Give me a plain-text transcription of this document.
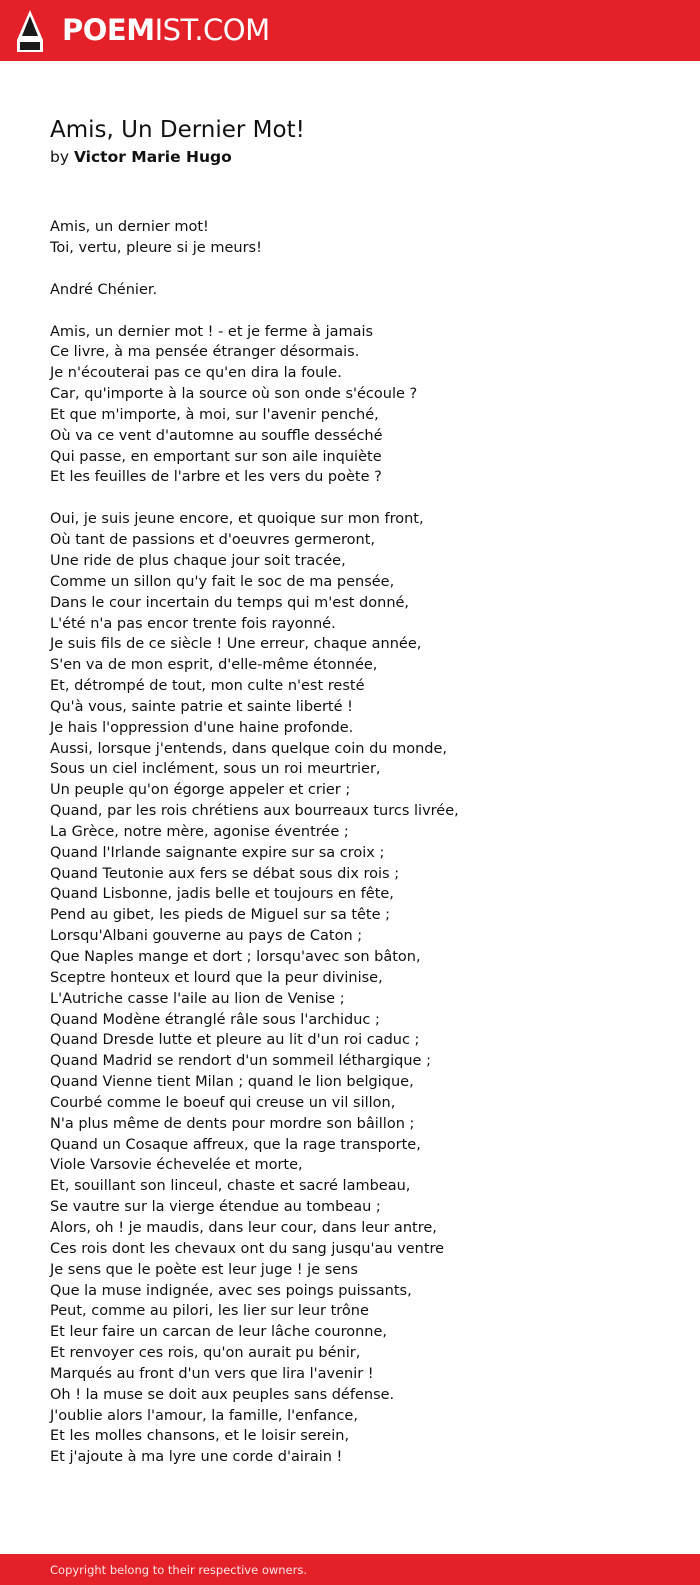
POEMIST.COM
Amis, Un Dernier Mot!
by Victor Marie Hugo
Amis, un dernier mot!
Toi, vertu, pleure si je meurs!
André Chénier.
Amis, un dernier mot ! - et je ferme à jamais
Ce livre, à ma pensée étranger désormais.
Je n'écouterai pas ce qu'en dira la foule.
Car, qu'importe à la source où son onde s'écoule ?
Et que m'importe, à moi, sur l'avenir penché,
Où va ce vent d'automne au souffle desséché
Qui passe, en emportant sur son aile inquiète
Et les feuilles de l'arbre et les vers du poète ?
Oui, je suis jeune encore, et quoique sur mon front,
Où tant de passions et d'oeuvres germeront,
Une ride de plus chaque jour soit tracée,
Comme un sillon qu'y fait le soc de ma pensée,
Dans le cour incertain du temps qui m'est donné,
L'été n'a pas encor trente fois rayonné.
Je suis fils de ce siècle ! Une erreur, chaque année,
S'en va de mon esprit, d'elle-même étonnée,
Et, détrompé de tout, mon culte n'est resté
Qu'à vous, sainte patrie et sainte liberté !
Je hais l'oppression d'une haine profonde.
Aussi, lorsque j'entends, dans quelque coin du monde,
Sous un ciel inclément, sous un roi meurtrier,
Un peuple qu'on égorge appeler et crier ;
Quand, par les rois chrétiens aux bourreaux turcs livrée,
La Grèce, notre mère, agonise éventrée ;
Quand l'Irlande saignante expire sur sa croix ;
Quand Teutonie aux fers se débat sous dix rois ;
Quand Lisbonne, jadis belle et toujours en fête,
Pend au gibet, les pieds de Miguel sur sa tête ;
Lorsqu'Albani gouverne au pays de Caton ;
Que Naples mange et dort ; lorsqu'avec son bâton,
Sceptre honteux et lourd que la peur divinise,
L'Autriche casse l'aile au lion de Venise ;
Quand Modène étranglé râle sous l'archiduc ;
Quand Dresde lutte et pleure au lit d'un roi caduc ;
Quand Madrid se rendort d'un sommeil léthargique ;
Quand Vienne tient Milan ; quand le lion belgique,
Courbé comme le boeuf qui creuse un vil sillon,
N'a plus même de dents pour mordre son bâillon ;
Quand un Cosaque affreux, que la rage transporte,
Viole Varsovie échevelée et morte,
Et, souillant son linceul, chaste et sacré lambeau,
Se vautre sur la vierge étendue au tombeau ;
Alors, oh ! je maudis, dans leur cour, dans leur antre,
Ces rois dont les chevaux ont du sang jusqu'au ventre
Je sens que le poète est leur juge ! je sens
Que la muse indignée, avec ses poings puissants,
Peut, comme au pilori, les lier sur leur trône
Et leur faire un carcan de leur lâche couronne,
Et renvoyer ces rois, qu'on aurait pu bénir,
Marqués au front d'un vers que lira l'avenir !
Oh ! la muse se doit aux peuples sans défense.
J'oublie alors l'amour, la famille, l'enfance,
Et les molles chansons, et le loisir serein,
Et j'ajoute à ma lyre une corde d'airain !
Copyright belong to their respective owners.
